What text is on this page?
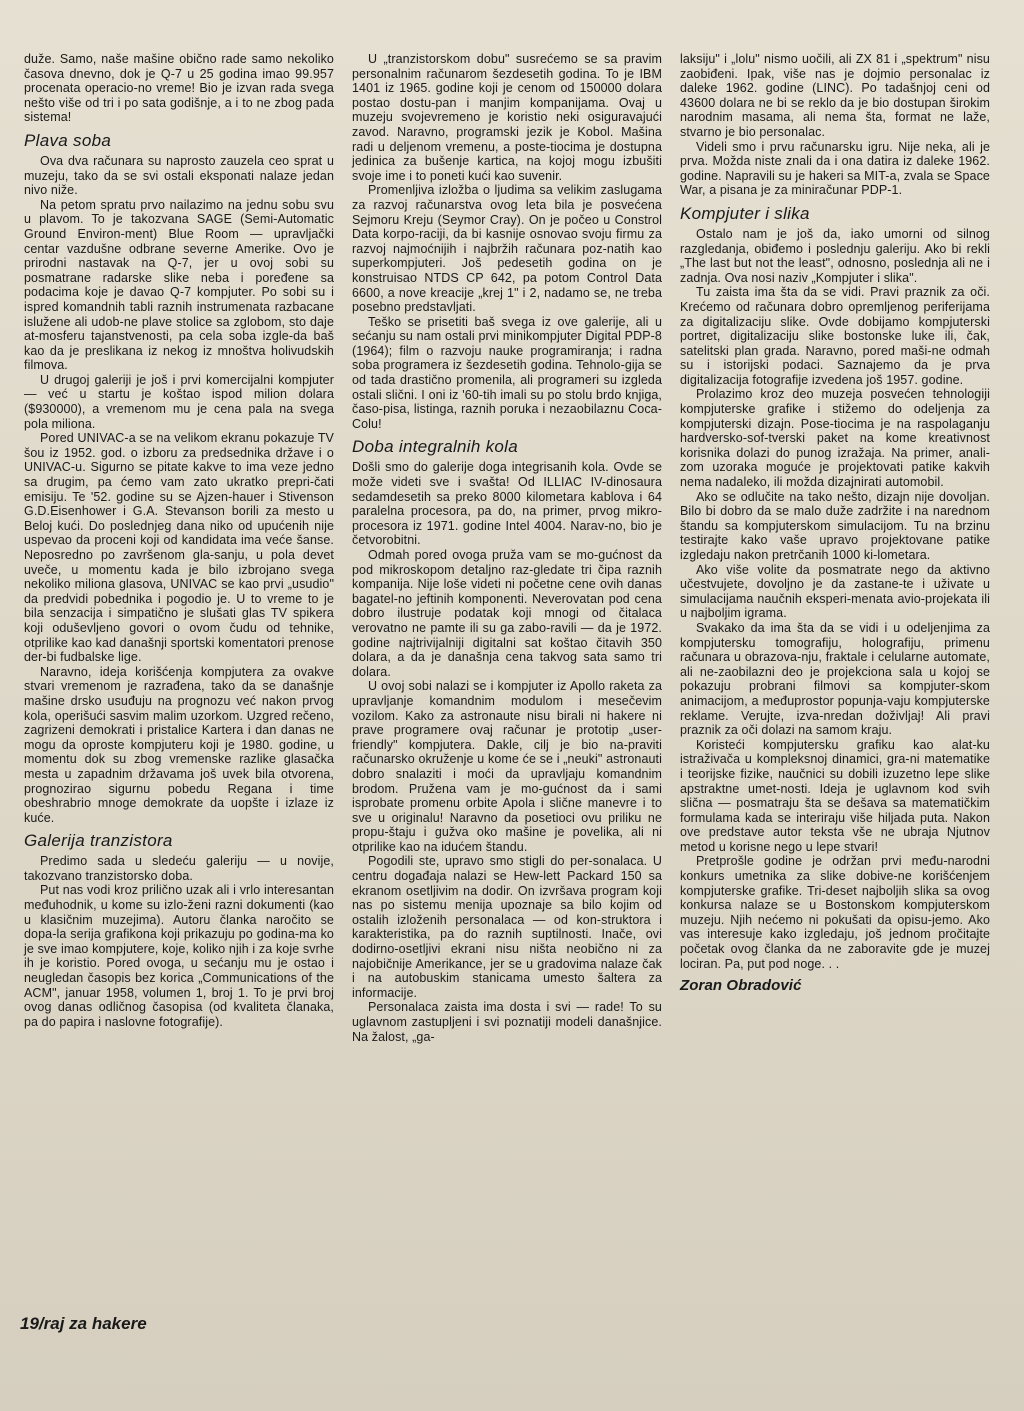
duže. Samo, naše mašine obično rade samo nekoliko časova dnevno, dok je Q-7 u 25 godina imao 99.957 procenata operacio-no vreme! Bio je izvan rada svega nešto više od tri i po sata godišnje, a i to ne zbog pada sistema!

Plava soba

Ova dva računara su naprosto zauzela ceo sprat u muzeju, tako da se svi ostali eksponati nalaze jedan nivo niže.

Na petom spratu prvo nailazimo na jednu sobu svu u plavom. To je takozvana SAGE (Semi-Automatic Ground Environ-ment) Blue Room — upravljački centar vazdušne odbrane severne Amerike. Ovo je prirodni nastavak na Q-7, jer u ovoj sobi su posmatrane radarske slike neba i poređene sa podacima koje je davao Q-7 kompjuter. Po sobi su i ispred komandnih tabli raznih instrumenata razbacane islužene ali udob-ne plave stolice sa zglobom, sto daje at-mosferu tajanstvenosti, pa cela soba izgle-da baš kao da je preslikana iz nekog iz mnoštva holivudskih filmova.

U drugoj galeriji je još i prvi komercijalni kompjuter — već u startu je koštao ispod milion dolara ($930000), a vremenom mu je cena pala na svega pola miliona.

Pored UNIVAC-a se na velikom ekranu pokazuje TV šou iz 1952. god. o izboru za predsednika države i o UNIVAC-u. Sigurno se pitate kakve to ima veze jedno sa drugim, pa ćemo vam zato ukratko prepri-čati emisiju. Te '52. godine su se Ajzen-hauer i Stivenson G.D.Eisenhower i G.A. Stevanson borili za mesto u Beloj kući. Do poslednjeg dana niko od upućenih nije uspevao da proceni koji od kandidata ima veće šanse. Neposredno po završenom gla-sanju, u pola devet uveče, u momentu kada je bilo izbrojano svega nekoliko miliona glasova, UNIVAC se kao prvi „usudio" da predvidi pobednika i pogodio je. U to vreme to je bila senzacija i simpatično je slušati glas TV spikera koji oduševljeno govori o ovom čudu od tehnike, otprilike kao kad današnji sportski komentatori prenose der-bi fudbalske lige.

Naravno, ideja korišćenja kompjutera za ovakve stvari vremenom je razrađena, tako da se današnje mašine drsko usuđuju na prognozu već nakon prvog kola, operišući sasvim malim uzorkom. Uzgred rečeno, zagrizeni demokrati i pristalice Kartera i dan danas ne mogu da oproste kompjuteru koji je 1980. godine, u momentu dok su zbog vremenske razlike glasačka mesta u zapadnim državama još uvek bila otvorena, prognozirao sigurnu pobedu Regana i time obeshrabrio mnoge demokrate da uopšte i izlaze iz kuće.

Galerija tranzistora

Predimo sada u sledeću galeriju — u novije, takozvano tranzistorsko doba.

Put nas vodi kroz prilično uzak ali i vrlo interesantan međuhodnik, u kome su izlo-ženi razni dokumenti (kao u klasičnim muzejima). Autoru članka naročito se dopa-la serija grafikona koji prikazuju po godina-ma ko je sve imao kompjutere, koje, koliko njih i za koje svrhe ih je koristio. Pored ovoga, u sećanju mu je ostao i neugledan časopis bez korica „Communications of the ACM", januar 1958, volumen 1, broj 1. To je prvi broj ovog danas odličnog časopisa (od kvaliteta članaka, pa do papira i naslovne fotografije).

U „tranzistorskom dobu" susrećemo se sa pravim personalnim računarom šezdesetih godina. To je IBM 1401 iz 1965. godine koji je cenom od 150000 dolara postao dostu-pan i manjim kompanijama. Ovaj u muzeju svojevremeno je koristio neki osiguravajući zavod. Naravno, programski jezik je Kobol. Mašina radi u deljenom vremenu, a poste-tiocima je dostupna jedinica za bušenje kartica, na kojoj mogu izbušiti svoje ime i to poneti kući kao suvenir.

Promenljiva izložba o ljudima sa velikim zaslugama za razvoj računarstva ovog leta bila je posvećena Sejmoru Kreju (Seymor Cray). On je počeo u Constrol Data korpo-raciji, da bi kasnije osnovao svoju firmu za razvoj najmoćnijih i najbržih računara poz-natih kao superkompjuteri. Još pedesetih godina on je konstruisao NTDS CP 642, pa potom Control Data 6600, a nove kreacije „krej 1" i 2, nadamo se, ne treba posebno predstavljati.

Teško se prisetiti baš svega iz ove galerije, ali u sećanju su nam ostali prvi minikompjuter Digital PDP-8 (1964); film o razvoju nauke programiranja; i radna soba programera iz šezdesetih godina. Tehnolo-gija se od tada drastično promenila, ali programeri su izgleda ostali slični. I oni iz '60-tih imali su po stolu brdo knjiga, časo-pisa, listinga, raznih poruka i nezaobilaznu Coca-Colu!

Doba integralnih kola

Došli smo do galerije doga integrisanih kola. Ovde se može videti sve i svašta! Od ILLIAC IV-dinosaura sedamdesetih sa preko 8000 kilometara kablova i 64 paralelna procesora, pa do, na primer, prvog mikro-procesora iz 1971. godine Intel 4004. Narav-no, bio je četvorobitni.

Odmah pored ovoga pruža vam se mo-gućnost da pod mikroskopom detaljno raz-gledate tri čipa raznih kompanija. Nije loše videti ni početne cene ovih danas bagatel-no jeftinih komponenti. Neverovatan pod cena dobro ilustruje podatak koji mnogi od čitalaca verovatno ne pamte ili su ga zabo-ravili — da je 1972. godine najtrivijalniji digitalni sat koštao čitavih 350 dolara, a da je današnja cena takvog sata samo tri dolara.

U ovoj sobi nalazi se i kompjuter iz Apollo raketa za upravljanje komandnim modulom i mesečevim vozilom. Kako za astronaute nisu birali ni hakere ni prave programere ovaj računar je prototip „user-friendly" kompjutera. Dakle, cilj je bio na-praviti računarsko okruženje u kome će se i „neuki" astronauti dobro snalaziti i moći da upravljaju komandnim brodom. Pružena vam je mo-gućnost da i sami isprobate promenu orbite Apola i slične manevre i to sve u originalu! Naravno da posetioci ovu priliku ne propu-štaju i gužva oko mašine je povelika, ali ni otprilike kao na idućem štandu.

Pogodili ste, upravo smo stigli do per-sonalaca. U centru događaja nalazi se Hew-lett Packard 150 sa ekranom osetljivim na dodir. On izvršava program koji nas po sistemu menija upoznaje sa bilo kojim od ostalih izloženih personalaca — od kon-struktora i karakteristika, pa do raznih suptilnosti. Inače, ovi dodirno-osetljivi ekrani nisu ništa neobično ni za najobičnije Amerikance, jer se u gradovima nalaze čak i na autobuskim stanicama umesto šaltera za informacije.

Personalaca zaista ima dosta i svi — rade! To su uglavnom zastupljeni i svi poznatiji modeli današnjice. Na žalost, „ga-

laksiju" i „lolu" nismo uočili, ali ZX 81 i „spektrum" nisu zaobiđeni. Ipak, više nas je dojmio personalac iz daleke 1962. godine (LINC). Po tadašnjoj ceni od 43600 dolara ne bi se reklo da je bio dostupan širokim narodnim masama, ali nema šta, format ne laže, stvarno je bio personalac.

Videli smo i prvu računarsku igru. Nije neka, ali je prva. Možda niste znali da i ona datira iz daleke 1962. godine. Napravili su je hakeri sa MIT-a, zvala se Space War, a pisana je za miniračunar PDP-1.

Kompjuter i slika

Ostalo nam je još da, iako umorni od silnog razgledanja, obiđemo i poslednju galeriju. Ako bi rekli „The last but not the least", odnosno, poslednja ali ne i zadnja. Ova nosi naziv „Kompjuter i slika".

Tu zaista ima šta da se vidi. Pravi praznik za oči. Krećemo od računara dobro opremljenog periferijama za digitalizaciju slike. Ovde dobijamo kompjuterski portret, digitalizaciju slike bostonske luke ili, čak, satelitski plan grada. Naravno, pored maši-ne odmah su i istorijski podaci. Saznajemo da je prva digitalizacija fotografije izvedena još 1957. godine.

Prolazimo kroz deo muzeja posvećen tehnologiji kompjuterske grafike i stižemo do odeljenja za kompjuterski dizajn. Pose-tiocima je na raspolaganju hardversko-sof-tverski paket na kome kreativnost korisnika dolazi do punog izražaja. Na primer, anali-zom uzoraka moguće je projektovati patike kakvih nema nadaleko, ili možda dizajnirati automobil.

Ako se odlučite na tako nešto, dizajn nije dovoljan. Bilo bi dobro da se malo duže zadržite i na narednom štandu sa kompjuterskom simulacijom. Tu na brzinu testirajte kako vaše upravo projektovane patike izgledaju nakon pretrčanih 1000 ki-lometara.

Ako više volite da posmatrate nego da aktivno učestvujete, dovoljno je da zastane-te i uživate u simulacijama naučnih eksperi-menata avio-projekata ili u najboljim igrama.

Svakako da ima šta da se vidi i u odeljenjima za kompjutersku tomografiju, holografiju, primenu računara u obrazova-nju, fraktale i celularne automate, ali ne-zaobilazni deo je projekciona sala u kojoj se pokazuju probrani filmovi sa kompjuter-skom animacijom, a međuprostor popunja-vaju kompjuterske reklame. Verujte, izva-nredan doživljaj! Ali pravi praznik za oči dolazi na samom kraju.

Koristeći kompjutersku grafiku kao alat-ku istraživača u kompleksnoj dinamici, gra-ni matematike i teorijske fizike, naučnici su dobili izuzetno lepe slike apstraktne umet-nosti. Ideja je uglavnom kod svih slična — posmatraju šta se dešava sa matematičkim formulama kada se interiraju više hiljada puta. Nakon ove predstave autor teksta vše ne ubraja Njutnov metod u korisne nego u lepe stvari!

Pretprošle godine je održan prvi među-narodni konkurs umetnika za slike dobive-ne korišćenjem kompjuterske grafike. Tri-deset najboljih slika sa ovog konkursa nalaze se u Bostonskom kompjuterskom muzeju. Njih nećemo ni pokušati da opisu-jemo. Ako vas interesuje kako izgledaju, još jednom pročitajte početak ovog članka da ne zaboravite gde je muzej lociran. Pa, put pod noge. . .

Zoran Obradović
19/raj za hakere
